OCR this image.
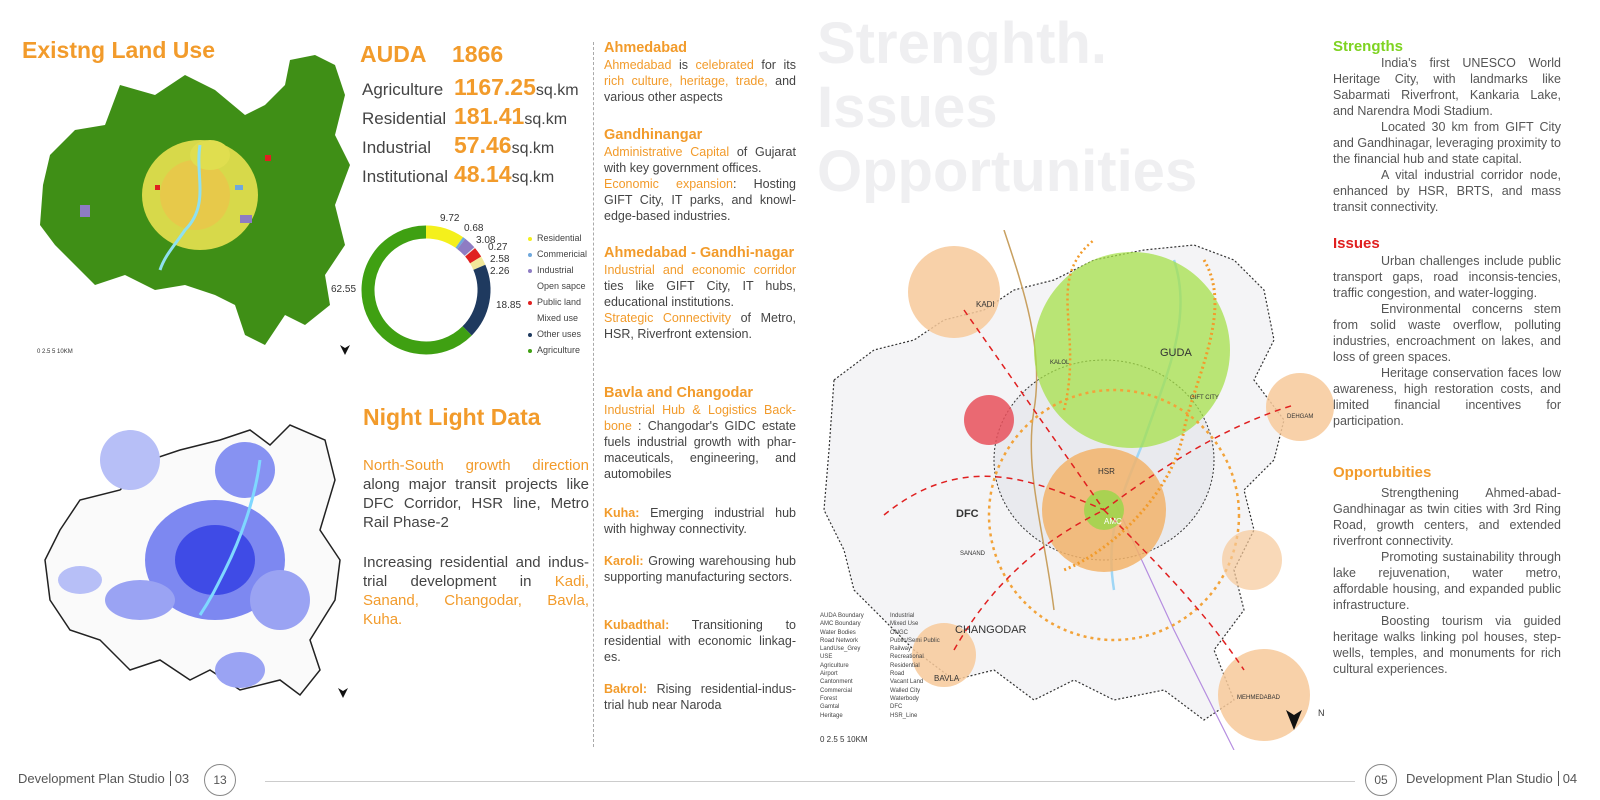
Existng Land Use
0 2.5 5 10KM
AUDA 1866
Agriculture 1167.25sq.km
Residential 181.41sq.km
Industrial 57.46sq.km
Institutional 48.14sq.km
9.72
0.68
3.08
0.27
2.58
2.26
18.85
62.55
Residential
Commericial
Industrial
Open sapce
Public land
Mixed use
Other uses
Agriculture
Night Light Data
North-South growth direction along major transit projects like DFC Corridor, HSR line, Metro Rail Phase-2
Increasing residential and indus-trial development in Kadi, Sanand, Changodar, Bavla, Kuha.
Ahmedabad
Ahmedabad is celebrated for its rich culture, heritage, trade, and various other aspects
Gandhinangar
Administrative Capital of Gujarat with key government offices.
Economic expansion: Hosting GIFT City, IT parks, and knowl-edge-based industries.
Ahmedabad - Gandhi-nagar
Industrial and economic corridor ties like GIFT City, IT hubs, educational institutions.
Strategic Connectivity of Metro, HSR, Riverfront extension.
Bavla and Changodar
Industrial Hub & Logistics Back-bone : Changodar's GIDC estate fuels industrial growth with phar-maceuticals, engineering, and automobiles
Kuha: Emerging industrial hub with highway connectivity.
Karoli: Growing warehousing hub supporting manufacturing sectors.
Kubadthal: Transitioning to residential with economic linkag-es.
Bakrol: Rising residential-indus-trial hub near Naroda
Strenghth.
Issues
Opportunities
KADI
KALOL
GUDA
GIFT CITY
DEHGAM
HSR
AMC
DFC
SANAND
CHANGODAR
BAVLA
MEHMEDABAD
N
0 2.5 5 10KM
AUDA Boundary
AMC Boundary
Water Bodies
Road Network
LandUse_Grey
USE
Agriculture
Airport
Cantonment
Commercial
Forest
Gamtal
Heritage
Industrial
Mixed Use
ONGC
Public/Semi Public
Railway
Recreational
Residential
Road
Vacant Land
Walled City
Waterbody
DFC
HSR_Line
Strengths

India's first UNESCO World Heritage City, with landmarks like Sabarmati Riverfront, Kankaria Lake, and Narendra Modi Stadium.

Located 30 km from GIFT City and Gandhinagar, leveraging proximity to the financial hub and state capital.

A vital industrial corridor node, enhanced by HSR, BRTS, and mass transit connectivity.

Issues

Urban challenges include public transport gaps, road inconsis-tencies, traffic congestion, and water-logging.

Environmental concerns stem from solid waste overflow, polluting industries, encroachment on lakes, and loss of green spaces.

Heritage conservation faces low awareness, high restoration costs, and limited financial incentives for participation.

Opportubities

Strengthening Ahmed-abad-Gandhinagar as twin cities with 3rd Ring Road, growth centers, and extended riverfront connectivity.

Promoting sustainability through lake rejuvenation, water metro, affordable housing, and expanded public infrastructure.

Boosting tourism via guided heritage walks linking pol houses, step-wells, temples, and monuments for rich cultural experiences.

Development Plan Studio 03	13	05	Development Plan Studio 04
